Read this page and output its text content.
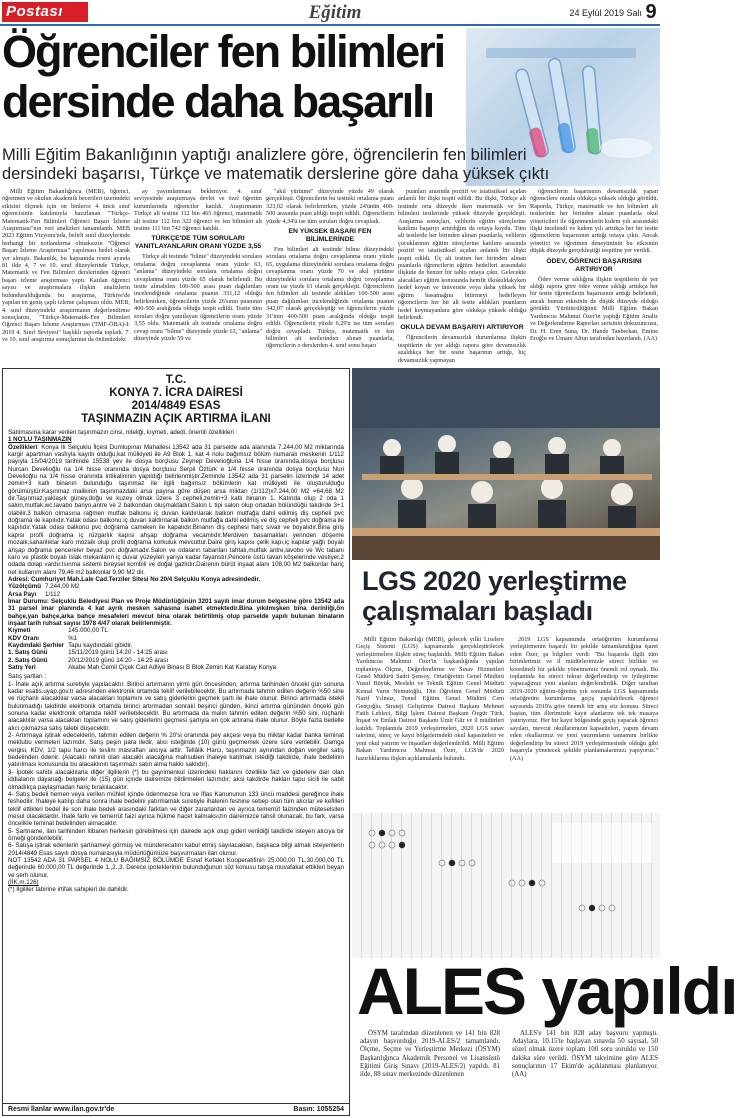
Postası	Eğitim	24 Eylül 2019 Salı 9
Öğrenciler fen bilimleri
dersinde daha başarılı
Milli Eğitim Bakanlığının yaptığı analizlere göre, öğrencilerin fen bilimleri
dersindeki başarısı, Türkçe ve matematik derslerine göre daha yüksek çıktı

Milli Eğitim Bakanlığınca (MEB), öğrenci, öğretmen ve okulun akademik becerileri üzerindeki etkisini ölçmek için on binlerce 4 üncü sınıf öğrencisinin katılımıyla hazırlanan "Türkçe-Matematik-Fen Bilimleri Öğrenci Başarı İzleme Araştırması"nın veri analizleri tamamlandı. MEB 2023 Eğitim Vizyonu'nda, belirli sınıf düzeylerinde herhangi bir notlandırma olmaksızın "Öğrenci Başarı İzleme Araştırması" yapılması hedef olarak yer almıştı. Bakanlık, bu kapsamda resmi ayında 81 ilde 4, 7 ve 10. sınıf düzeylerinde Türkçe, Matematik ve Fen Bilimleri derslerinden öğrenci başarı izleme araştırması yaptı. Katılan öğrenci sayısı ve araştırmalara ilişkin analizlerin bulundurulduğunda bu araştırma, Türkiye'de yapılan en geniş çaplı izleme çalışması oldu. MEB, 4. sınıf düzeyindeki araştırmanın değerlendirme sonuçlarını, "Türkçe-Matematik-Fen Bilimleri Öğrenci Başarı İzleme Araştırması (TMF-ÖBA)-I: 2019 4. Sınıf Seviyesi" başlıklı raporda topladı. 7. ve 10. sınıf araştırma sonuçlarının da önümüzdeki

ay yayımlanması bekleniyor. 4. sınıf seviyesinde araştırmaya devlet ve özel öğretim kurumlarında öğrenciler katıldı. Araştırmanın Türkçe alt testine 112 bin 465 öğrenci, matematik alt testine 112 bin 322 öğrenci ve fen bilimleri alt testine 111 bin 742 öğrenci katıldı.

TÜRKÇE'DE TÜM SORULARI YANITLAYANLARIN ORANI YÜZDE 3,55

Türkçe alt testinde "bilme" düzeyindeki sorulara ortalama doğru cevaplanma oranı yüzde 63, "anlama" düzeyindeki sorulara ortalama doğru cevaplanma oranı yüzde 65 olarak belirlendi. Bu testte alınabilen 100-500 arası puan dağılımları incelendiğinde ortalama puanın 331,12 olduğu belirlenirken, öğrencilerin yüzde 26'sının puanının 400-500 aralığında olduğu tespit edildi. Testte tüm soruları doğru yanıtlayan öğrencilerin oranı yüzde 3,55 oldu. Matematik alt testinde ortalama doğru cevap oranı "bilme" düzeyinde yüzde 63, "anlama" düzeyinde yüzde 59 ve

"akıl yürütme" düzeyinde yüzde 49 olarak gerçekleşti. Öğrencilerin bu testteki ortalama puanı 323,02 olarak belirlenirken, yüzde 24'ünün 400-500 arasında puan aldığı tespit edildi. Öğrencilerin yüzde 4,34'ü ise tüm soruları doğru cevapladı.

EN YÜKSEK BAŞARI FEN BİLİMLERİNDE

Fen bilimleri alt testinde bilme düzeyindeki sorulara ortalama doğru cevaplanma oranı yüzde 65, uygulama düzeyindeki sorulara ortalama doğru cevaplanma oranı yüzde 70 ve akıl yürütme düzeyindeki sorulara ortalama doğru cevaplanma oranı ise yüzde 61 olarak gerçekleşti. Öğrencilerin fen bilimleri alt testinde aldıkları 100-500 arası puan dağılımları incelendiğinde ortalama puanın 342,07 olarak gerçekleştiği ve öğrencilerin yüzde 31'inin 400-500 puan aralığında olduğu tespit edildi. Öğrencilerin yüzde 6,29'u ise tüm soruları doğru cevapladı. Türkçe, matematik ve fen bilimleri alt testlerinden alınan puanlarla, öğrencilerin o derslerden 4. sınıf sonu başarı

puanları arasında pozitif ve istatistiksel açıdan anlamlı bir ilişki tespit edildi. Bu ilişki, Türkçe alt testinde orta düzeyde iken matematik ve fen bilimleri testlerinde yüksek düzeyde gerçekleşti. Araştırma sonuçları, velilerin eğitim süreçlerine katılımı başarıyı artırdığını da ortaya koydu. Tüm alt testlerde her birinden alınan puanlarla, velilerin çocuklarının eğitim süreçlerine katılımı arasında pozitif ve istatistiksel açıdan anlamlı bir ilişki tespit edildi. Üç alt testten her birinden alınan puanlarla öğrencilerin eğitim hedefleri arasındaki ilişkide de benzer bir tablo ortaya çıktı. Gelecekte alacakları eğitim konusunda hemfit ilkokuldakyken hedef koyan ve üniversite veya daha yüksek bir eğitim basamağını bitirmeyi hedefleyen öğrencilerin her bir alt testte aldıkları puanların hedef koymayanlara göre oldukça yüksek olduğu belirlendi.

OKULA DEVAM BAŞARIYI ARTIRIYOR

Öğrencilerin devamsızlık durumlarına ilişkin tespitlerin de yer aldığı rapora göre devamsızlık azaldıkça her bir testte başarının arttığı, hiç devamsızlık yapmayan

öğrencilerin başarısının devamsızlık yapan öğrencilere oranla oldukça yüksek olduğu görüldü. Raporda, Türkçe, matematik ve fen bilimleri alt testlerinin her birinden alınan puanlarla okul yöneticileri ile öğretmenlerin kıdem yılı arasındaki ilişki incelendi ve kıdem yılı arttıkça her bir testte öğrencilerin başarısının arttığı ortaya çıktı. Ancak yönetici ve öğretmen deneyiminin bu etkisinin düşük düzeyde gerçekleştiği tespitine yer verildi.

ÖDEV, ÖĞRENCİ BAŞARISINI ARTIRIYOR

Ödev verme sıklığına ilişkin tespitlerin de yer aldığı rapora göre ödev verme sıklığı arttıkça her bir testte öğrencilerin başarısının arttığı belirlendi, ancak bunun etkisinin de düşük düzeyde olduğu görüldü. Yürütücülüğünü Milli Eğitim Bakan Yardımcısı Mahmut Özer'in yaptığı Eğitim Analiz ve Değerlendirme Raporları serisinin dokuzuncusu, Dr. H. Eren Suna, Dr. Hande Tanberkan, Emine Eroğlu ve Ümare Altun tarafından hazırlandı. (AA)

T.C.
KONYA 7. İCRA DAİRESİ
2014/4849 ESAS
TAŞINMAZIN AÇIK ARTIRMA İLANI
Satılmasına karar verilen taşınmazın cinsi, niteliği, kıymeti, adedi, önemli özellikleri :
1 NO'LU TAŞINMAZIN
Özellikleri: Konya İli Selçuklu İlçesi Dumlupınar Mahallesi 13542 ada 31 parselde ada alanında 7.244,00 M2 miktarında kargir apartman vasfıyla kayıtlı olduğu,kat mülkiyeti ile A9 Blok 1. kat 4 nolu bağımsız bölüm numaralı meskenin 1/112 payıyla 15/04/2019 tarihinde 15538 yev ile dosya borçlusu Zeynep Develioğluna 1/4 hisse oranında,dosya borçlusu Nurcan Develioğlu na 1/4 hisse oranında dosya borçlusu Serpil Öztürk e 1/4 hisse oranında dosya borçlusu Nuri Develioğlu na 1/4 hisse oranında intikalininin yapıldığı belirlenmiştir.Zeminde 13542 ada 31 parselin üzerinde 14 adet zemin+3 katlı binanın bulunduğu taşınmaz ile ilgili bağımsız bölümlerin kat mülkiyeti ile oluşturulduğu görülmüştür.Kaşınmaz malikinin taşınmazdaki arsa payına göre düşen arsa miktarı (1/112)x7.244,00 M2 =64,68 M2 dir.Taşınmaz,yaklaşık güney,doğu ve kuzey olmak üzere 3 cepheli,zemin+3 katlı binanın 1. Katında olup 2 oda 1 salon,mutfak,wc,lavabo banyo,antre ve 2 balkondan oluşmaktadır.Salon L tipi salon olup ortadan bölündüğü takdirde 3+1 olabilir.3 balkon olmasına rağmen mutfak balkonu iç duvarı kaldırılarak balkon mutfağa dahil edilmiş diş cepheli pvc doğrama ile kapılıdır.Yatak odası balkonu iç duvarı kaldırılarak balkon mutfağa dahil edilmiş ve diş cepheli pvc doğrama ile kapılıdır.Yatak odası balkonu pvc doğrama cameken ile kapalıdır.Binanın dış cephesi harç sıvalı ve boyalıdır.Bina giriş kapısı profil doğrama iç rüzgarlık kapısı ahşap doğrama vecamlıdır.Merdiven basamakları yerinden döşeme mozaik,sahanlıklar karo mozaik olup profil doğrama korkuluk mevcuttur.Daire giriş kapısı çelik kapı,iç kapılar yağlı boyalı ahşap doğrama pencereler beyaz pvc doğramadır.Salon ve odaların tabanları tahtalı,mutfak antre,lavobo ve Wc tabanı karo ve plastik boyalı islak mekanların iç duvar yüzeyleri yarıya kadar fayanstır.Pencere üstü tavan köşelerinde vestiyer,2 odada dolap vardır.Isınma sistemi bireysel kombili ve doğal gazlıdır.Dairenin bürüt inşaat alanı 108,00 M2 balkonlar hariç net kullanım alanı 79,46 m2 balkonlar 9,90 M2 dir.
Adresi: Cumhuriyet Mah.Lale Cad.Terziler Sitesi No 20/4 Selçuklu Konya adresindedir.
Yüzölçümü	7.244,00 M2
Arsa Payı	1/112
İmar Durumu: Selçuklu Belediyesi Plan ve Proje Müdürlüğünün 3201 sayılı imar durum belgesine göre 13542 ada 31 parsel imar planında 4 kat ayrık mesken sahasına isabet etmektedir.Bina yıkılmışken bina derinliği,ön bahçe,yan bahçe,arka bahçe mesafeleri mevcut bina olarak belirtilmiş olup parselde yapılı bulunan binaların inşaat tarih ruhsat sayısı 1978 4/47 olarak belirlenmiştir.
Kıymeti	145.000,00 TL
KDV Oranı	%1
Kaydındaki Şerhler	Tapu kaydındaki gibidir.
1. Satış Günü	15/11/2019 günü 14:20 - 14:25 arası
2. Satış Günü	20/12/2019 günü 14:20 - 14:25 arası
Satış Yeri	Akabe Mah Cemil Çiçek Cad Adliye Binası B Blok Zemin Kat Karatay Konya
Satış şartları :
1- İhale açık artırma suretiyle yapılacaktır. Birinci artırmanın yirmi gün öncesinden, artırma tarihinden önceki gün sonuna kadar esatis.uyap.gov.tr adresinden elektronik ortamda teklif verilebilecektir. Bu artırmada tahmin edilen değerin %50 sine ve rüçhanlı alacaklılar varsa alacakları toplamını ve satış giderlerini geçmek şartı ile ihale olunur. Birinci artırmada istekli bulunmadığı takdirde elektronik ortamda birinci artırmadan sonraki beşinci günden, ikinci artırma gününden önceki gün sonuna kadar elektronik ortamda teklif verilebilecektir. Bu artırmada da malın tahmin edilen değerin %50 sini, rüçhanlı alacaklılar varsa alacakları toplamını ve satış giderlerini geçmesi şartıyla en çok artırana ihale olunur. Böyle fazla bedelle alıcı çıkmazsa satış talebi düşecektir.
2- Artırmaya iştirak edeceklerin, tahmin edilen değerin % 20'si oranında pey akçesi veya bu miktar kadar banka teminat mektubu vermeleri lazımdır. Satış peşin para iledir, alıcı isteğinde (10) günü geçmemek üzere süre verilebilir. Damga vergisi, KDV, 1/2 tapu harcı ile teslim masrafları alıcıya aittir. Tellâlik Harcı, taşınmazın aynından doğan vergiler satış bedelinden ödenir. (Alacaklı rehinli olan alacaklı alacağına mahsuben ihaleye katılmak istediği takdirde, ihale bedelinin yatırılması konusunda bu alacaklının taşınmazı satın alma hakkı saklıdır).
3- İpotek sahibi alacaklılarla diğer ilgililerin (*) bu gayrimenkul üzerindeki haklarını özellikle faiz ve giderlere dair olan iddialarını dayanağı belgeler ile (15) gün içinde dairemize bildirmeleri lazımdır; aksi takdirde hakları tapu sicili ile sabit olmadıkça paylaşmadan hariç bırakılacaktır.
4- Satış bedeli hemen veya verilen mühlet içinde ödenmezse İcra ve İflas Kanununun 133 üncü maddesi gereğince ihale feshedilir. İhaleye katılıp daha sonra ihale bedelini yatırmamak suretiyle ihalenin feshine sebep olan tüm alıcılar ve kefilleri teklif ettikleri bedel ile son ihale bedeli arasındaki farktan ve diğer zararlardan ve ayrıca temerrüt faizinden müteselsilen mesul olacaklardır. İhale farkı ve temerrüt faizi ayrıca hükme hacet kalmaksızın dairemizce tahsil olunacak, bu fark, varsa öncelikle teminat bedelinden alınacaktır.
5- Şartname, ilan tarihinden itibaren herkesin görebilmesi için dairede açık olup gideri verildiği takdirde isteyen alıcıya bir örneği gönderilebilir.
6- Satışa iştirak edenlerin şartnameyi görmüş ve münderecatını kabul etmiş sayılacakları, başkaca bilgi almak isteyenlerin 2014/4849 Esas sayılı dosya numarasıyla müdürlüğümüze başvurmaları ilan olunur.
NOT 13542 ADA 31 PARSEL 4 NOLU BAĞIMSIZ BÖLÜMDE Esnaf Kefalet Kooperatifinin 25.000,00 TL,30.000,00 TL değerinde 60.000,00 TL değerinde 1.,2.,3. Derece ipoteklerinin bulunduğunun söz konusu tatışa muvafakat ettikleri beyan ve şerh olunur.
(İİK.m.126)
(*) İlgililer tabirine irtifak sahipleri de dahildir.
Resmi İlanlar www.ilan.gov.tr'de	Basın: 1055254
LGS 2020 yerleştirme
çalışmaları başladı

Milli Eğitim Bakanlığı (MEB), gelecek yılki Liselere Geçiş Sistemi (LGS) kapsamında gerçekleştirilecek yerleştirmelere ilişkin süreç başlatıldı. Milli Eğitim Bakan Yardımcısı Mahmut Özer'in başkanlığında yapılan toplantıya Ölçme, Değerlendirme ve Sınav Hizmetleri Genel Müdürü Sadri Şensoy, Ortaöğretim Genel Müdürü Yusuf Büyük, Mesleki ve Teknik Eğitim Genel Müdürü Kemal Varın Nemutoğlu, Din Öğretimi Genel Müdürü Nazif Yılmaz, Temel Eğitim Genel Müdürü Cem Gençoğlu, Strateji Geliştirme Dairesi Başkanı Mehmet Fatih Lebleci, Bilgi İşlem Dairesi Başkanı Özgür Türk, İnşaat ve Emlak Dairesi Başkanı Ümit Gür ve il müdürleri katıldı. Toplantıda 2019 yerleştirmeleri, 2020 LGS sınav takvimi, süreç ve kayıt bölgelerindeki okul kapasiteleri ve yeni okul yatırım ve inşaatları değerlendirildi. Milli Eğitim Bakan Yardımcısı Mahmut Özer, LGS'de 2020 hazırlıklarına ilişkin açıklamalarda bulundu.

2019 LGS kapsamında ortaöğretim kurumlarına yerleştirmenin başarılı bir şekilde tamamlandığına işaret eden Özer, şu bilgileri verdi: "Bu başarıda ilgili tüm birimlerimiz ve il müdürlerimizle süreci birlikte ve koordineli bir şekilde yönetmemiz önemli rol oynadı. Bu toplantıda bu süreci tekrar değerlendirip ve iyileştirme yapacağımız yeni alanları değerlendirdik. Diğer taraftan 2019-2020 eğitim-öğretim yılı sonunda LGS kapsamında ortaöğretim kurumlarına geçiş yapılabilecek öğrenci sayısında 2019'a göre önemli bir artış söz konusu. Süreci baştan, tüm illerimizde kayıt alanlarını tek tek masaya yatırıyoruz. Her bir kayıt bölgesinde geçiş yapacak öğrenci sayıları, mevcut okullarımızın kapasiteleri, yapım devam eden okullarımız ve yeni yatırımların tamamını birlikte değerlendirip bu süreci 2019 yerleştirmesinde olduğu gibi başarıyla yönetecek şekilde planlamalarımızı yapıyoruz." (AA)

ALES yapıldı

ÖSYM tarafından düzenlenen ve 141 bin 828 adayın başvurduğu 2019-ALES/2 tamamlandı. Ölçme, Seçme ve Yerleştirme Merkezi (ÖSYM) Başkanlığınca Akademik Personel ve Lisansüstü Eğitimi Giriş Sınavı (2019-ALES/2) yapıldı. 81 ilde, 88 sınav merkezinde düzenlenen

ALES'e 141 bin 828 aday başvuru yapmıştı. Adaylara, 10.15'te başlayan sınavda 50 sayısal, 50 sözel olmak üzere toplam 100 soru soruldu ve 150 dakika süre verildi. ÖSYM takvimine göre ALES sonuçlarının 17 Ekim'de açıklanması planlanıyor. (AA)
